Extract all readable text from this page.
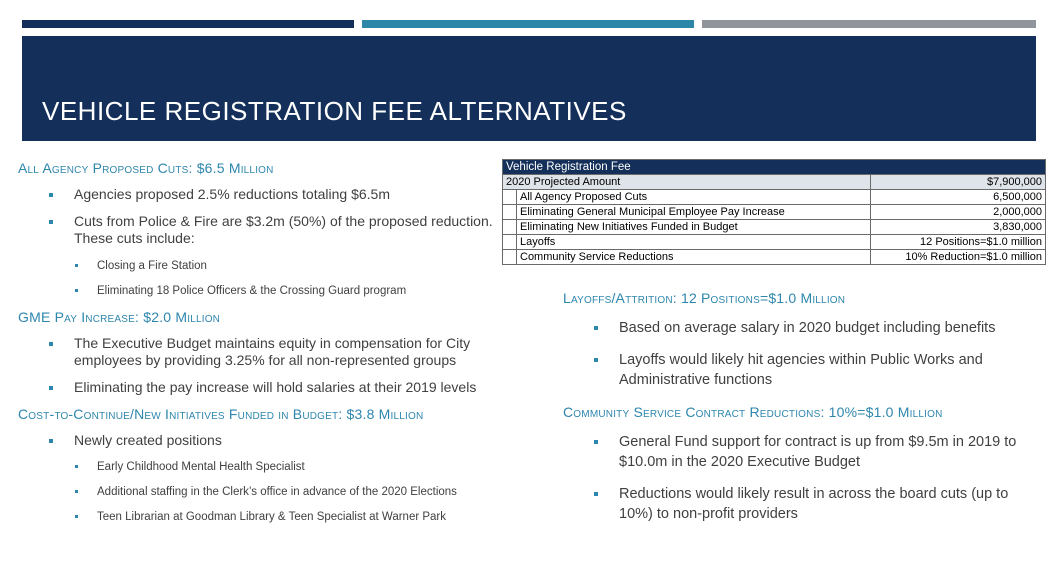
VEHICLE REGISTRATION FEE ALTERNATIVES

All Agency Proposed Cuts: $6.5 Million

Agencies proposed 2.5% reductions totaling $6.5m
Cuts from Police & Fire are $3.2m (50%) of the proposed reduction. These cuts include:
Closing a Fire Station
Eliminating 18 Police Officers & the Crossing Guard program

GME Pay Increase: $2.0 Million

The Executive Budget maintains equity in compensation for City employees by providing 3.25% for all non-represented groups
Eliminating the pay increase will hold salaries at their 2019 levels

Cost-to-Continue/New Initiatives Funded in Budget: $3.8 Million

Newly created positions
Early Childhood Mental Health Specialist
Additional staffing in the Clerk’s office in advance of the 2020 Elections
Teen Librarian at Goodman Library & Teen Specialist at Warner Park
Vehicle Registration Fee		
2020 Projected Amount		$7,900,000
	All Agency Proposed Cuts	6,500,000
	Eliminating General Municipal Employee Pay Increase	2,000,000
	Eliminating New Initiatives Funded in Budget	3,830,000
	Layoffs	12 Positions=$1.0 million
	Community Service Reductions	10% Reduction=$1.0 million

Layoffs/Attrition: 12 Positions=$1.0 Million

Based on average salary in 2020 budget including benefits
Layoffs would likely hit agencies within Public Works and Administrative functions

Community Service Contract Reductions: 10%=$1.0 Million

General Fund support for contract is up from $9.5m in 2019 to $10.0m in the 2020 Executive Budget
Reductions would likely result in across the board cuts (up to 10%) to non-profit providers
